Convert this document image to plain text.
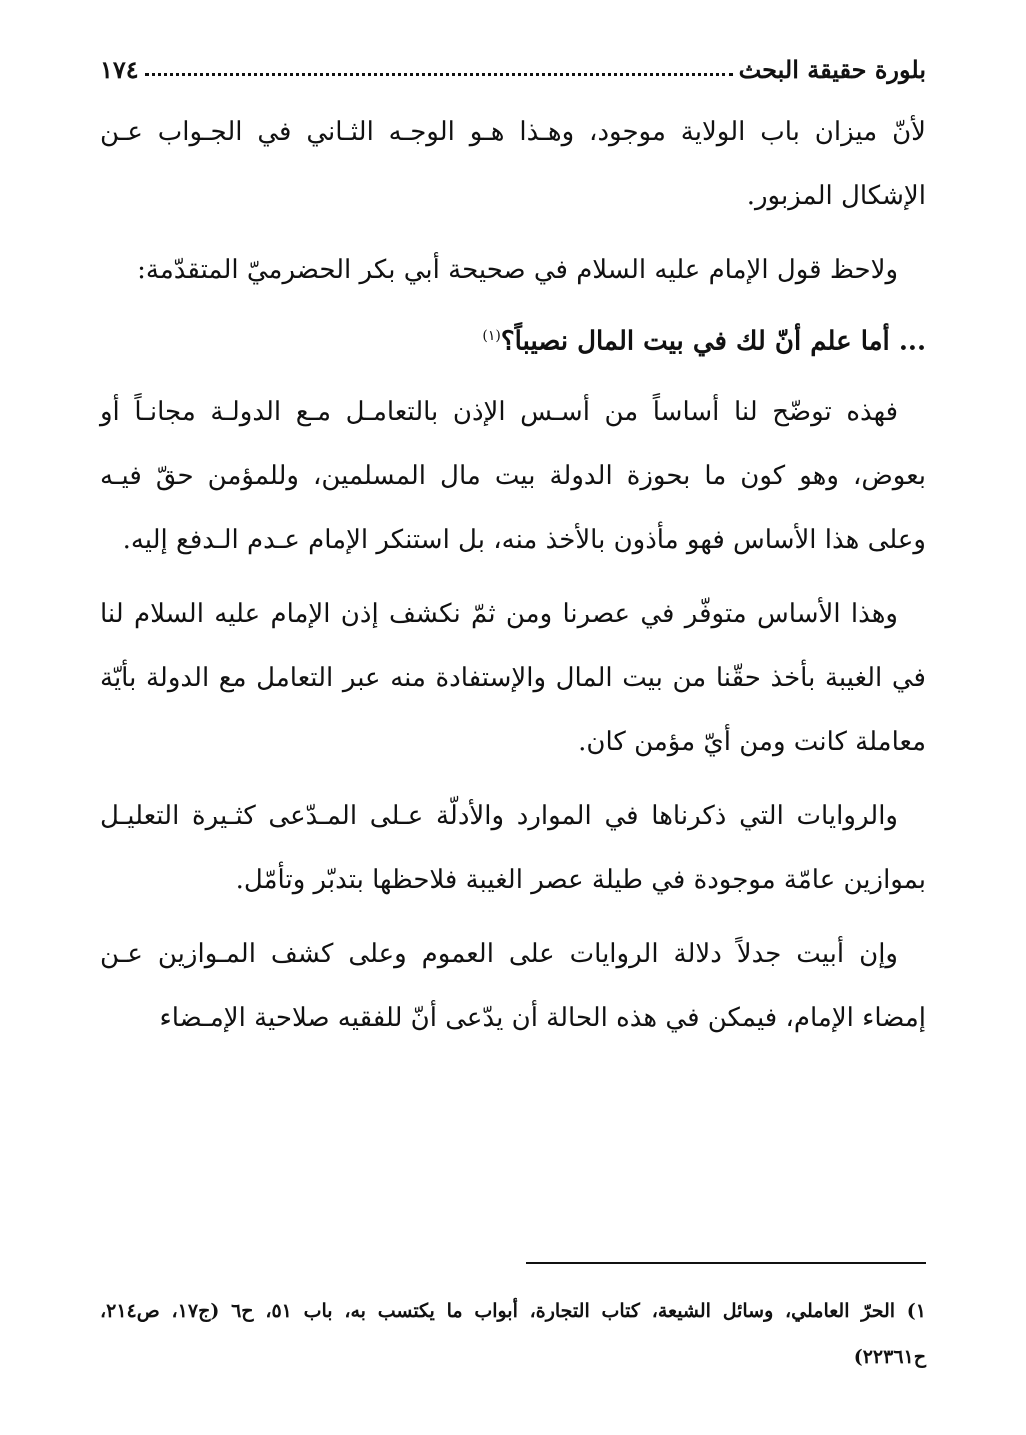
بلورة حقيقة البحث
١٧٤

لأنّ ميزان باب الولاية موجود، وهـذا هـو الوجـه الثـاني في الجـواب عـن الإشكال المزبور.

ولاحظ قول الإمام عليه السلام في صحيحة أبي بكر الحضرميّ المتقدّمة:

... أما علم أنّ لك في بيت المال نصيباً؟$^{(١)}$

فهذه توضّح لنا أساساً من أسـس الإذن بالتعامـل مـع الدولـة مجانـاً أو بعوض، وهو كون ما بحوزة الدولة بيت مال المسلمين، وللمؤمن حقّ فيـه وعلى هذا الأساس فهو مأذون بالأخذ منه، بل استنكر الإمام عـدم الـدفع إليه.

وهذا الأساس متوفّر في عصرنا ومن ثمّ نكشف إذن الإمام عليه السلام لنا في الغيبة بأخذ حقّنا من بيت المال والإستفادة منه عبر التعامل مع الدولة بأيّة معاملة كانت ومن أيّ مؤمن كان.

والروايات التي ذكرناها في الموارد والأدلّة عـلى المـدّعى كثـيرة التعليـل بموازين عامّة موجودة في طيلة عصر الغيبة فلاحظها بتدبّر وتأمّل.

وإن أبيت جدلاً دلالة الروايات على العموم وعلى كشف المـوازين عـن إمضاء الإمام، فيمكن في هذه الحالة أن يدّعى أنّ للفقيه صلاحية الإمـضاء

١) الحرّ العاملي، وسائل الشيعة، كتاب التجارة، أبواب ما يكتسب به، باب ٥١، ح٦ (ج١٧، ص٢١٤، ح٢٢٣٦١)
